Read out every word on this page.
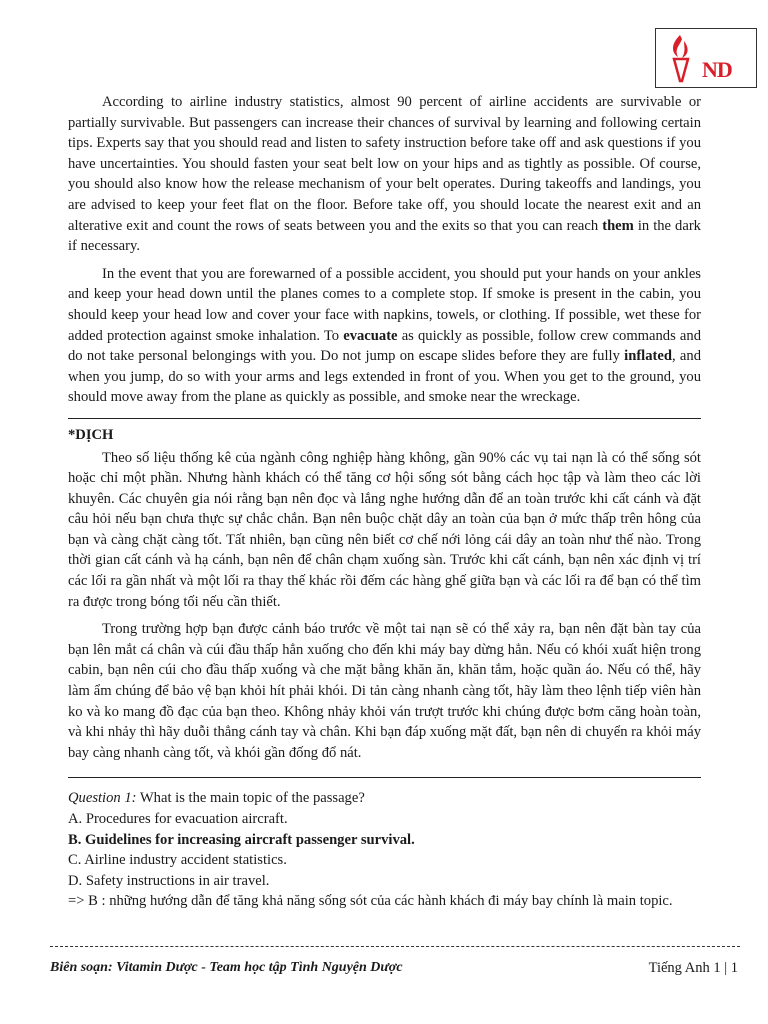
ND

According to airline industry statistics, almost 90 percent of airline accidents are survivable or partially survivable. But passengers can increase their chances of survival by learning and following certain tips. Experts say that you should read and listen to safety instruction before take off and ask questions if you have uncertainties. You should fasten your seat belt low on your hips and as tightly as possible. Of course, you should also know how the release mechanism of your belt operates. During takeoffs and landings, you are advised to keep your feet flat on the floor. Before take off, you should locate the nearest exit and an alterative exit and count the rows of seats between you and the exits so that you can reach them in the dark if necessary.

In the event that you are forewarned of a possible accident, you should put your hands on your ankles and keep your head down until the planes comes to a complete stop. If smoke is present in the cabin, you should keep your head low and cover your face with napkins, towels, or clothing. If possible, wet these for added protection against smoke inhalation. To evacuate as quickly as possible, follow crew commands and do not take personal belongings with you. Do not jump on escape slides before they are fully inflated, and when you jump, do so with your arms and legs extended in front of you. When you get to the ground, you should move away from the plane as quickly as possible, and smoke near the wreckage.

*DỊCH

Theo số liệu thống kê của ngành công nghiệp hàng không, gần 90% các vụ tai nạn là có thể sống sót hoặc chỉ một phần. Nhưng hành khách có thể tăng cơ hội sống sót bằng cách học tập và làm theo các lời khuyên. Các chuyên gia nói rằng bạn nên đọc và lắng nghe hướng dẫn để an toàn trước khi cất cánh và đặt câu hỏi nếu bạn chưa thực sự chắc chắn. Bạn nên buộc chặt dây an toàn của bạn ở mức thấp trên hông của bạn và càng chặt càng tốt. Tất nhiên, bạn cũng nên biết cơ chế nới lỏng cái dây an toàn như thế nào. Trong thời gian cất cánh và hạ cánh, bạn nên để chân chạm xuống sàn. Trước khi cất cánh, bạn nên xác định vị trí các lối ra gần nhất và một lối ra thay thế khác rồi đếm các hàng ghế giữa bạn và các lối ra để bạn có thể tìm ra được trong bóng tối nếu cần thiết.

Trong trường hợp bạn được cảnh báo trước về một tai nạn sẽ có thể xảy ra, bạn nên đặt bàn tay của bạn lên mắt cá chân và cúi đầu thấp hẳn xuống cho đến khi máy bay dừng hẳn. Nếu có khói xuất hiện trong cabin, bạn nên cúi cho đầu thấp xuống và che mặt bằng khăn ăn, khăn tắm, hoặc quần áo. Nếu có thể, hãy làm ẩm chúng để bảo vệ bạn khỏi hít phải khói. Di tản càng nhanh càng tốt, hãy làm theo lệnh tiếp viên hàn ko và ko mang đồ đạc của bạn theo. Không nhảy khỏi ván trượt trước khi chúng được bơm căng hoàn toàn, và khi nhảy thì hãy duỗi thẳng cánh tay và chân. Khi bạn đáp xuống mặt đất, bạn nên di chuyển ra khỏi máy bay càng nhanh càng tốt, và khói gần đống đổ nát.

Question 1: What is the main topic of the passage?

A. Procedures for evacuation aircraft.

B. Guidelines for increasing aircraft passenger survival.

C. Airline industry accident statistics.

D. Safety instructions in air travel.

=> B : những hướng dẫn để tăng khả năng sống sót của các hành khách đi máy bay chính là main topic.

Biên soạn: Vitamin Dược - Team học tập Tình Nguyện Dược	Tiếng Anh 1 | 1
